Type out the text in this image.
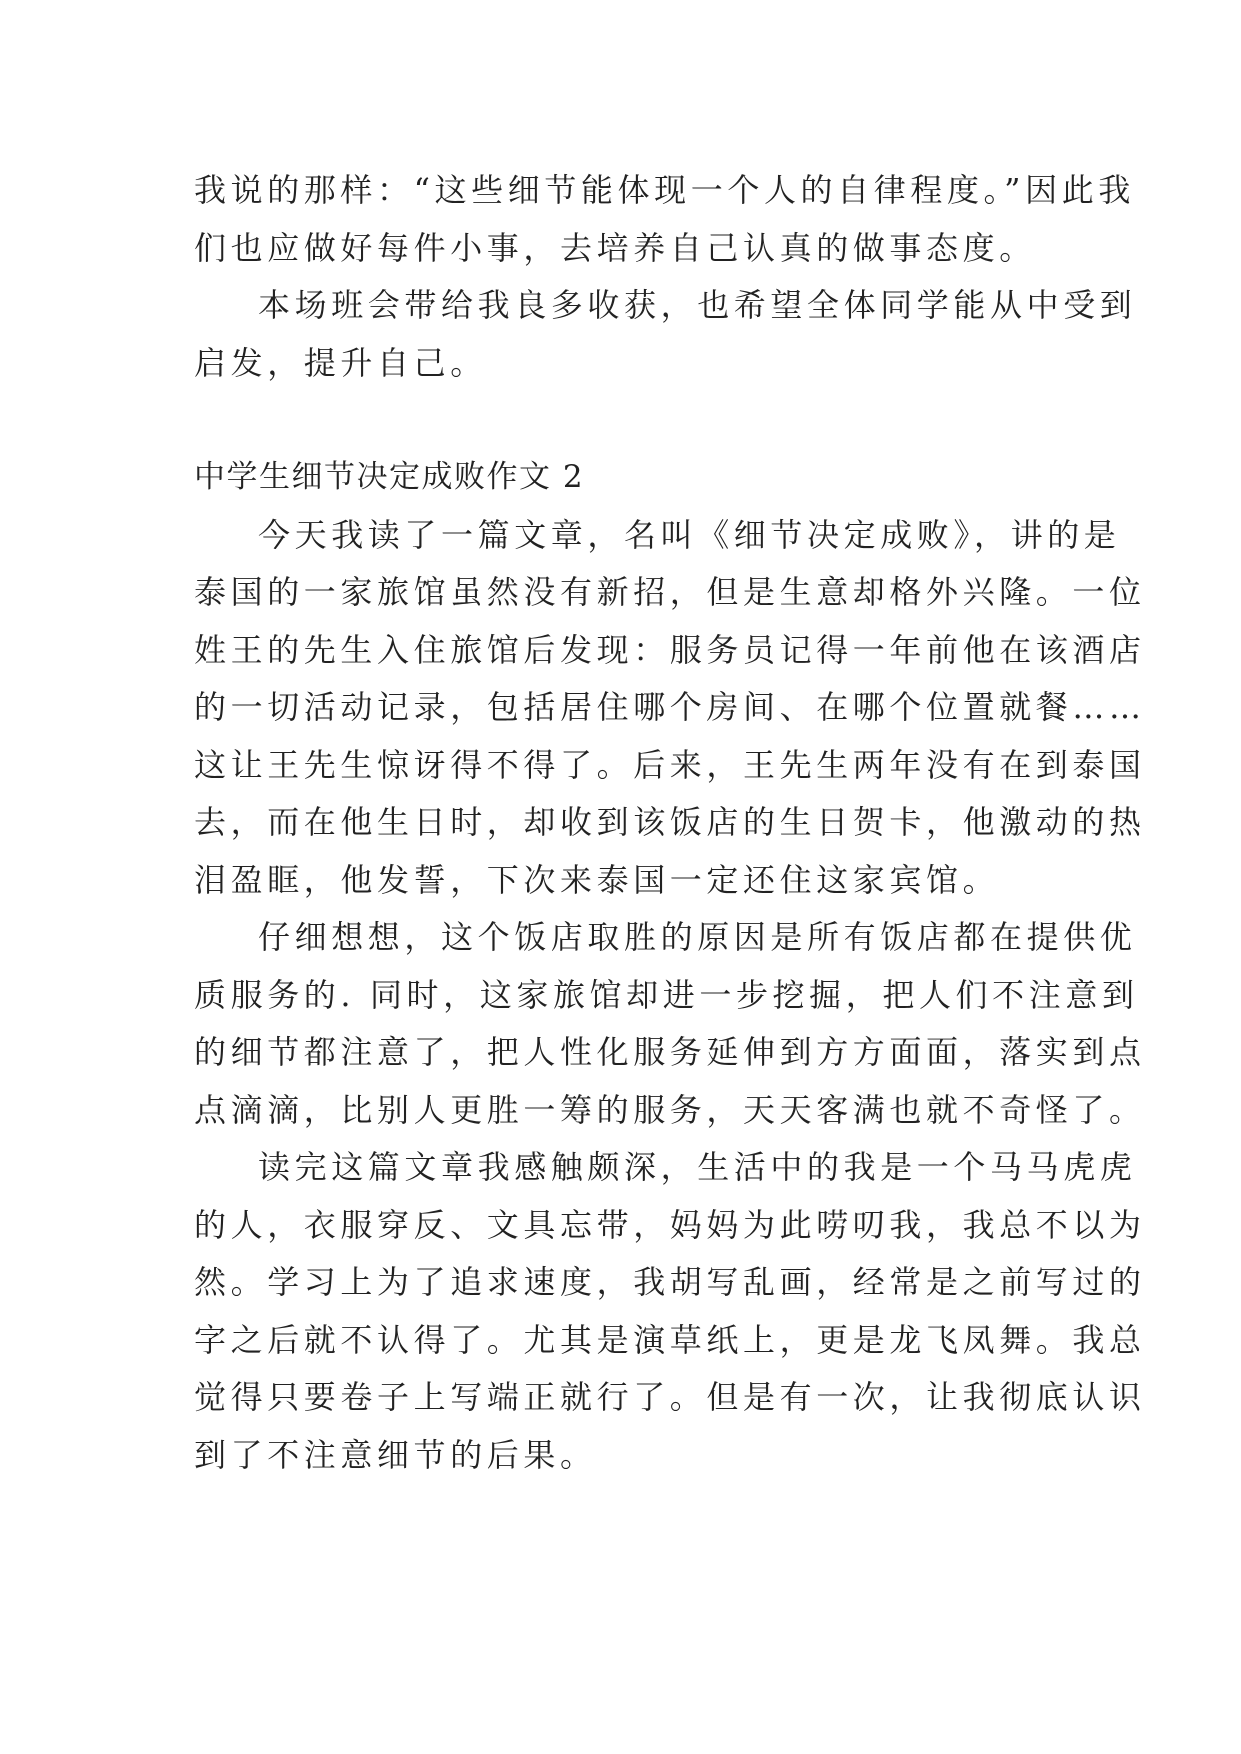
我说的那样：“这些细节能体现一个人的自律程度。”因此我
们也应做好每件小事，去培养自己认真的做事态度。
本场班会带给我良多收获，也希望全体同学能从中受到
启发，提升自己。
中学生细节决定成败作文 2
今天我读了一篇文章，名叫《细节决定成败》，讲的是
泰国的一家旅馆虽然没有新招，但是生意却格外兴隆。一位
姓王的先生入住旅馆后发现：服务员记得一年前他在该酒店
的一切活动记录，包括居住哪个房间、在哪个位置就餐……
这让王先生惊讶得不得了。后来，王先生两年没有在到泰国
去，而在他生日时，却收到该饭店的生日贺卡，他激动的热
泪盈眶，他发誓，下次来泰国一定还住这家宾馆。
仔细想想，这个饭店取胜的原因是所有饭店都在提供优
质服务的. 同时，这家旅馆却进一步挖掘，把人们不注意到
的细节都注意了，把人性化服务延伸到方方面面，落实到点
点滴滴，比别人更胜一筹的服务，天天客满也就不奇怪了。
读完这篇文章我感触颇深，生活中的我是一个马马虎虎
的人，衣服穿反、文具忘带，妈妈为此唠叨我，我总不以为
然。学习上为了追求速度，我胡写乱画，经常是之前写过的
字之后就不认得了。尤其是演草纸上，更是龙飞凤舞。我总
觉得只要卷子上写端正就行了。但是有一次，让我彻底认识
到了不注意细节的后果。
